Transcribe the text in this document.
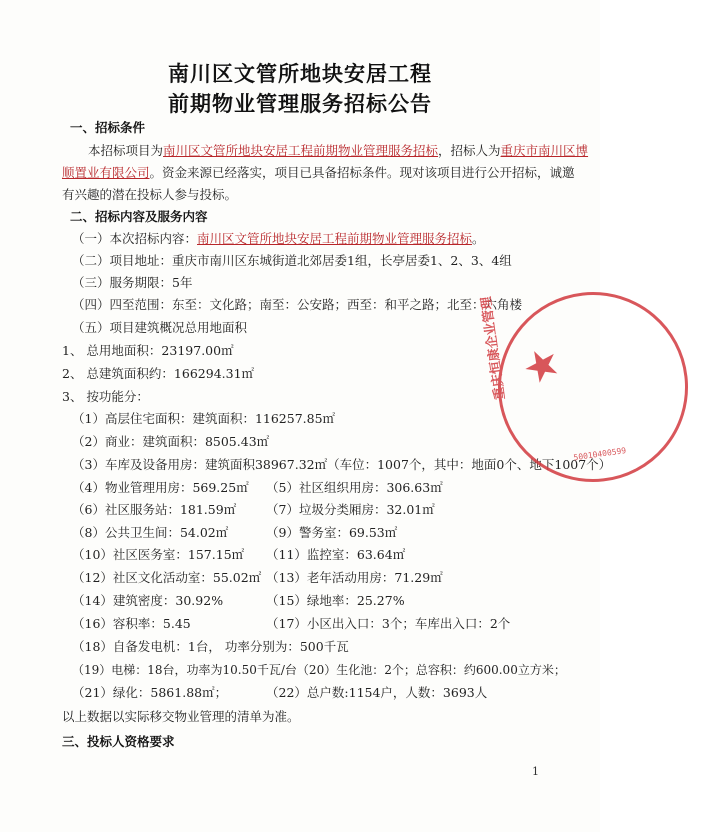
南川区文管所地块安居工程
前期物业管理服务招标公告
一、招标条件
本招标项目为南川区文管所地块安居工程前期物业管理服务招标，招标人为重庆市南川区博
顺置业有限公司。资金来源已经落实，项目已具备招标条件。现对该项目进行公开招标，诚邀
有兴趣的潜在投标人参与投标。
二、招标内容及服务内容
（一）本次招标内容：南川区文管所地块安居工程前期物业管理服务招标。
（二）项目地址：重庆市南川区东城街道北郊居委1组，长亭居委1、2、3、4组
（三）服务期限：5年
（四）四至范围：东至：文化路；南至：公安路；西至：和平之路；北至：六角楼
（五）项目建筑概况总用地面积
1、 总用地面积：23197.00㎡
2、 总建筑面积约：166294.31㎡
3、 按功能分：
（1）高层住宅面积：建筑面积：116257.85㎡
（2）商业：建筑面积：8505.43㎡
（3）车库及设备用房：建筑面积38967.32㎡（车位：1007个，其中：地面0个、地下1007个）
（4）物业管理用房：569.25㎡ （5）社区组织用房：306.63㎡
（6）社区服务站：181.59㎡ （7）垃圾分类厢房：32.01㎡
（8）公共卫生间：54.02㎡	（9）警务室：69.53㎡
（10）社区医务室：157.15㎡ （11）监控室：63.64㎡
（12）社区文化活动室：55.02㎡ （13）老年活动用房：71.29㎡
（14）建筑密度：30.92%	（15）绿地率：25.27%
（16）容积率：5.45	（17）小区出入口：3个；车库出入口：2个
（18）自备发电机：1台， 功率分别为：500千瓦
（19）电梯：18台，功率为10.50千瓦/台（20）生化池：2个；总容积：约600.00立方米；
（21）绿化：5861.88㎡；	（22）总户数:1154户，人数：3693人
以上数据以实际移交物业管理的清单为准。
三、投标人资格要求
1
★
重庆恒康企业管理
50010400599
